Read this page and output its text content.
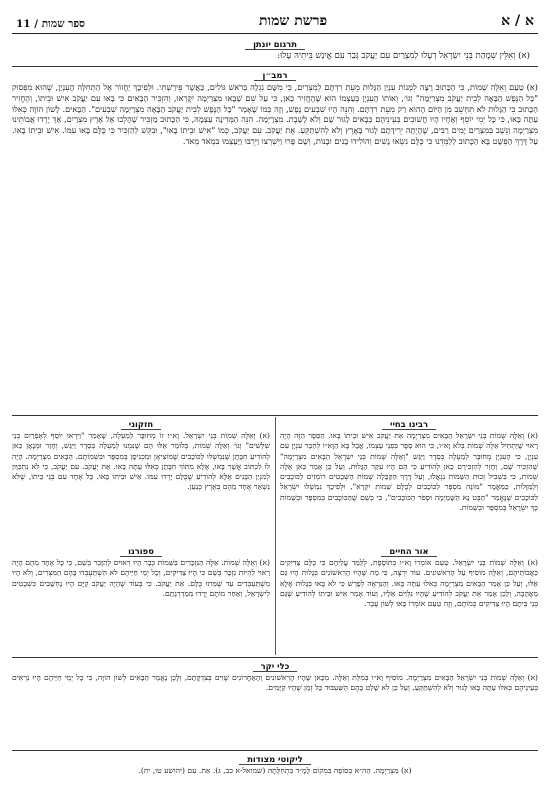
א / א
פרשת שמות
ספר שמות / 11
תרגום יונתן
(א) וְאִלֵּין שְׁמָהַת בְּנֵי יִשְׂרָאֵל דְעָלוּ לְמִצְרַיִם עִם יַעֲקֹב גְּבַר עִם אֱינַשׁ בֵּיתֵיהּ עָלוּ:
רמב״ן
(א) טַעַם וְאֵלֶּה שְׁמוֹת, כִּי הַכָּתוּב רָצָה לִמְנוֹת עִנְיַן הַגָּלוּת מֵעֵת רִדְתָּם לְמִצְרַיִם, כִּי מִשָּׁם נִגְלָה בְּרֹאשׁ גּוֹלִים, כַּאֲשֶׁר פֵּירַשְׁתִּי. וּלְפִיכָךְ יַחֲזוֹר אֶל הַתְּחִלָּה הָעִנְיָן, שֶׁהוּא מִפְּסוּק "כָּל הַנֶּפֶשׁ הַבָּאָה לְבֵית יַעֲקֹב מִצְרַיְמָה" וְגוֹ׳, וְאוֹתוֹ הָעִנְיָן בְּעַצְמוֹ הוּא שֶׁהֶחֱזִיר כַּאן, כִּי עַל שֵׁם שֶׁבָּאוּ מִצְרַיְמָה יִקָּרְאוּ, וְהִזְכִּיר הָבָּאִים כִּי בָאוּ עִם יַעֲקֹב אִישׁ וּבֵיתוֹ, וְהֶחֱזִיר הַכָּתוּב כִּי הַגָּלוּת לֹא תִּחְשֵׁב מִן הַיּוֹם הָהוּא רַק מֵעֵת רִדְתָּם. וְהִנֵּה הָיוּ שִׁבְעִים נֶפֶשׁ, וְזֶה כְּמוֹ שֶׁאָמַר "כָּל הַנֶּפֶשׁ לְבֵית יַעֲקֹב הַבָּאָה מִצְרַיְמָה שִׁבְעִים". הַבָּאִים. לָשׁוֹן הוֹוֶה כְּאִלּוּ עַתָּה בָּאוּ, כִּי כָּל יְמֵי יוֹסֵף וְאֶחָיו הָיוּ חֲשׁוּבִים בְּעֵינֵיהֶם כְּבָאִים לָגוּר שָׁם וְלֹא לָשֶׁבֶת. מִצְרָיְמָה. הִנֵּה הַמְּדִינָה עַצְמָהּ, כִּי הַכָּתוּב מַזְכִּיר שֶׁהָלְכוּ אֶל אֶרֶץ מִצְרַיִם, אַךְ יָרְדוּ אֲבוֹתֵינוּ מִצְרַיְמָה וַנֵּשֶׁב בְּמִצְרַיִם יָמִים רַבִּים, שֶׁהָיְתָה יְרִידָתָם לָגוּר בָּאָרֶץ וְלֹא לְהִשְׁתַּקֵּעַ. אֶת יַעֲקֹב. עִם יַעֲקֹב, כְּמוֹ "אִישׁ וּבֵיתוֹ בָּאוּ", וּבִקֵּשׁ לְהַזְכִּיר כִּי כֻּלָּם בָּאוּ עִמּוֹ. אִישׁ וּבֵיתוֹ בָּאוּ. עַל דֶּרֶךְ הַפְּשָׁט בָּא הַכָּתוּב לְלַמְּדֵנוּ כִּי כֻּלָּם נִשְׂאוּ נָשִׁים וְהוֹלִידוּ בָנִים וּבָנוֹת, וְשָׁם פָּרוּ וַיִּשְׁרְצוּ וַיִּרְבּוּ וַיַּעַצְמוּ בִּמְאֹד מְאֹד.
רבינו בחיי
(א) וְאֵלֶּה שְׁמוֹת בְּנֵי יִשְׂרָאֵל הַבָּאִים מִצְרַיְמָה אֵת יַעֲקֹב אִישׁ וּבֵיתוֹ בָּאוּ. הַסֵּפֶר הַזֶּה הָיָה רָאוּי שֶׁיַּתְחִיל אֵלֶּה שְׁמוֹת בְּלֹא וָא״ו, כִּי הוּא סֵפֶר בִּפְנֵי עַצְמוֹ, אֲבָל בָּא הַוָּא״ו לְחַבֵּר עִנְיָן עִם עִנְיָן, כִּי הָעִנְיָן מְחוּבָּר לְמַעְלָה בְּסֵדֶר וַיִּגַּשׁ "וְאֵלֶּה שְׁמוֹת בְּנֵי יִשְׂרָאֵל הַבָּאִים מִצְרַיְמָה" שֶׁהִזְכִּיר שָׁם, וְחָזַר לְהַזְכִּירָם כַּאן לְהוֹדִיעַ כִּי הֵם הָיוּ עִקַּר הַגָּלוּת. וְעַל כֵּן אָמַר כַּאן אֵלֶּה שְׁמוֹת, כִּי בִּשְׁבִיל זְכוּת הַשֵּׁמוֹת נִגְאֲלוּ, וְעַל דֶּרֶךְ הַקַּבָּלָה שְׁמוֹת הַשְּׁבָטִים רוֹמְזִים לַכּוֹכָבִים וְלַמַּזָּלוֹת, כַּמַּאֲמָר "מוֹנֶה מִסְפָּר לַכּוֹכָבִים לְכֻלָּם שֵׁמוֹת יִקְרָא", וּלְפִיכָךְ נִמְשְׁלוּ יִשְׂרָאֵל לַכּוֹכָבִים שֶׁנֶּאֱמַר "הַבֶּט נָא הַשָּׁמַיְמָה וּסְפֹר הַכּוֹכָבִים", כִּי כְּשֵׁם שֶׁהַכּוֹכָבִים בְּמִסְפָּר וּבְשֵׁמוֹת כָּךְ יִשְׂרָאֵל בְּמִסְפָּר וּבְשֵׁמוֹת.
אור החיים
(א) וְאֵלֶּה שְׁמוֹת בְּנֵי יִשְׂרָאֵל. טַעַם אוֹמְרוֹ וָא״ו בְּתוֹסֶפֶת, לְלַמֵּד עֲלֵיהֶם כִּי כֻּלָּם צַדִּיקִים כַּאֲבוֹתֵיהֶם, וְאֵלֶּה מוֹסִיף עַל הָרִאשׁוֹנִים. עוֹד יִרְצֶה, כִּי מַה שֶּׁהָיוּ הָרִאשׁוֹנִים בְּגָלוּת הָיוּ גַּם אֵלּוּ, וְעַל כֵּן אָמַר הַבָּאִים מִצְרַיְמָה כְּאִלּוּ עַתָּה בָּאוּ. וְהַנִּרְאֶה לְפָרֵשׁ כִּי לֹא בָּאוּ בְּגָלוּת אֶלָּא מֵאֲהָבָה, וְלָכֵן אָמַר אֵת יַעֲקֹב לְהוֹדִיעַ שֶׁהָיוּ נִלְוִים אֵלָיו, וְעוֹד אָמַר אִישׁ וּבֵיתוֹ לְהוֹדִיעַ שֶׁגַּם בְּנֵי בֵּיתָם הָיוּ צַדִּיקִים כְּמוֹתָם, וְזֶה טַעַם אוֹמְרוֹ בָּאוּ לְשׁוֹן עָבָר.
חזקוני
(א) וְאֵלֶּה שְׁמוֹת בְּנֵי יִשְׂרָאֵל. וָא״ו זוֹ מְחוּבָּר לְמַעְלָה, שֶׁאָמַר "וַיִּרְאוּ יוֹסֵף לְאֶפְרַיִם בְּנֵי שִׁלֵּשִׁים" וְגוֹ׳ וְאֵלֶּה שְׁמוֹת, כְּלוֹמַר אֵלּוּ הֵם שֶׁנִּמְנוּ לְמַעְלָה בְּסֵדֶר וַיִּגַּשׁ, וְחָזַר וּמְנָאָן כַּאן לְהוֹדִיעַ חִבָּתָן שֶׁנִּמְשְׁלוּ לַכּוֹכָבִים שֶׁמּוֹצִיאָן וּמַכְנִיסָן בְּמִסְפָּר וּבִשְׁמוֹתָם. הַבָּאִים מִצְרַיְמָה. הָיָה לוֹ לִכְתּוֹב אֲשֶׁר בָּאוּ, אֶלָּא מִתּוֹךְ חִבָּתָן כְּאִלּוּ עַתָּה בָּאוּ. אֵת יַעֲקֹב. עִם יַעֲקֹב, כִּי לֹא נִתְכַּוֵּון לְמִנְיַן הַבָּנִים אֶלָּא לְהוֹדִיעַ שֶׁכֻּלָּם יָרְדוּ עִמּוֹ. אִישׁ וּבֵיתוֹ בָּאוּ. כָּל אֶחָד עִם בְּנֵי בֵּיתוֹ, שֶׁלֹּא נִשְׁאַר אֶחָד מֵהֶם בְּאֶרֶץ כְּנַעַן.
ספורנו
(א) וְאֵלֶּה שְׁמוֹת. אֵלֶּה הַנִּזְכָּרִים בַּשֵּׁמוֹת כְּבָר הָיוּ רְאוּיִם לְהִזָּכֵר בְּשֵׁם, כִּי כָּל אֶחָד מֵהֶם הָיָה רָאוּי לִהְיוֹת נִזְכָּר בְּשֵׁם כִּי הָיוּ צַדִּיקִים, וְכָל יְמֵי חַיֵּיהֶם לֹא הִשְׁתַּעְבְּדוּ בָּהֶם הַמִּצְרִים, וְלֹא הָיוּ מִשְׁתַּעְבְּדִים עַד שֶׁמֵּתוּ כֻּלָּם. אֵת יַעֲקֹב. כִּי בְּעוֹד שֶׁהָיָה יַעֲקֹב קַיָּם הָיוּ נֶחְשָׁבִים כִּשְׁבָטִים לְיִשְׂרָאֵל, וְאַחַר מוֹתָם יָרְדוּ מִמַּדְרֵגָתָם.
כלי יקר
(א) וְאֵלֶּה שְׁמוֹת בְּנֵי יִשְׂרָאֵל הַבָּאִים מִצְרַיְמָה. מוֹסִיף וָא״ו בְּמִלַּת וְאֵלֶּה. מִכָּאן שֶׁהָיוּ הָרִאשׁוֹנִים וְהָאַחֲרוֹנִים שָׁוִים בְּצִדְקָתָם, וְלָכֵן נֶאֱמַר הַבָּאִים לְשׁוֹן הוֹוֶה, כִּי כָּל יְמֵי חַיֵּיהֶם הָיוּ נִרְאִים בְּעֵינֵיהֶם כְּאִלּוּ עַתָּה בָּאוּ לָגוּר וְלֹא לְהִשְׁתַּקֵּעַ, וְעַל כֵּן לֹא שָׁלַט בָּהֶם הַשִּׁעְבּוּד כָּל זְמַן שֶׁהָיוּ קַיָּמִים.
ליקוטי מצודות
(א) מִצְרַיְמָה. הַה״א בְּסוֹפָהּ בִּמְקוֹם לָמֶ״ד בִּתְחִלָּתָהּ (שמואל-א כב, ג). אֵת. עִם (יהושע טו, יח).
